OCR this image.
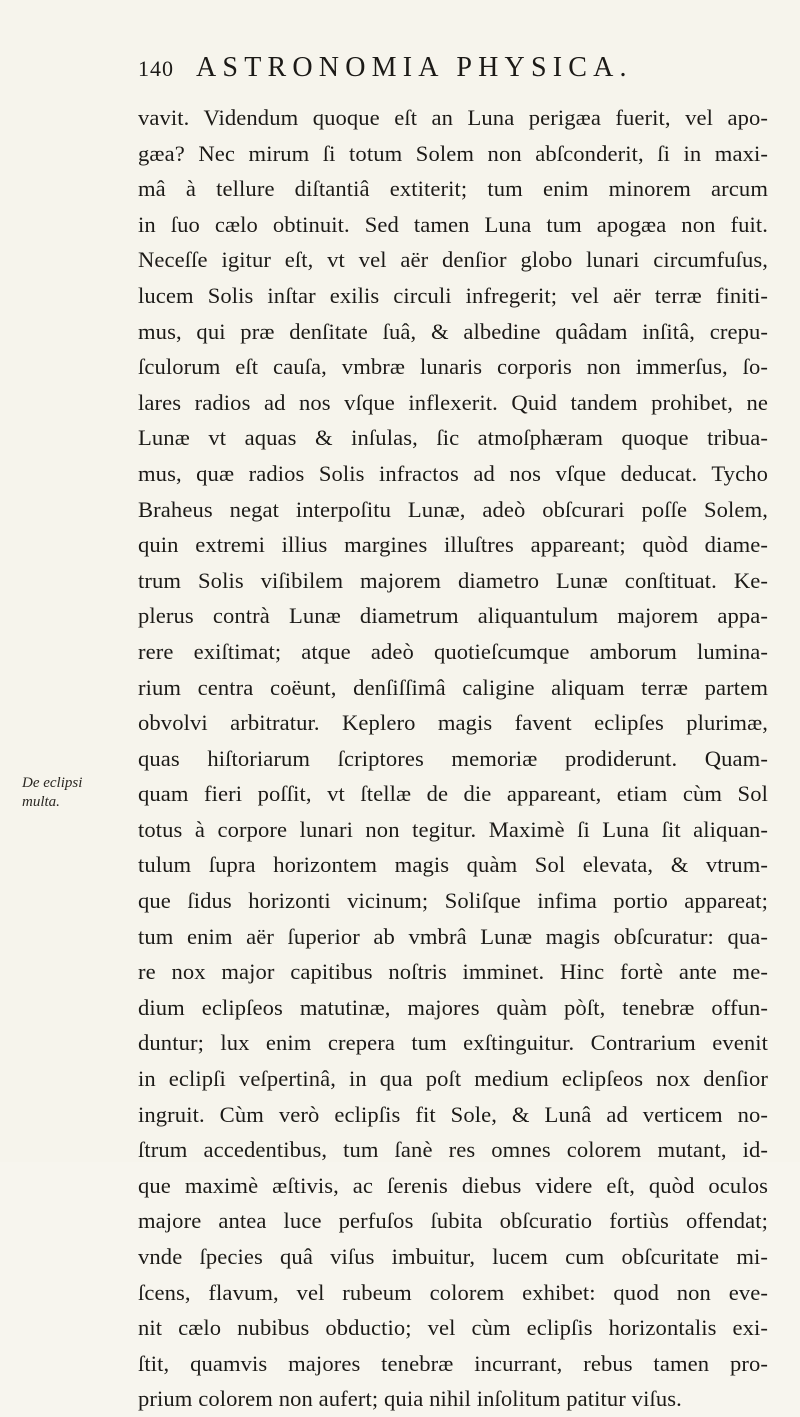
140 ASTRONOMIA PHYSICA.
De eclipsi
multa.
vavit. Videndum quoque eſt an Luna perigæa fuerit, vel apo-
gæa? Nec mirum ſi totum Solem non abſconderit, ſi in maxi-
mâ à tellure diſtantiâ extiterit; tum enim minorem arcum
in ſuo cælo obtinuit. Sed tamen Luna tum apogæa non fuit.
Neceſſe igitur eſt, vt vel aër denſior globo lunari circumfuſus,
lucem Solis inſtar exilis circuli infregerit; vel aër terræ finiti-
mus, qui præ denſitate ſuâ, & albedine quâdam inſitâ, crepu-
ſculorum eſt cauſa, vmbræ lunaris corporis non immerſus, ſo-
lares radios ad nos vſque inflexerit. Quid tandem prohibet, ne
Lunæ vt aquas & inſulas, ſic atmoſphæram quoque tribua-
mus, quæ radios Solis infractos ad nos vſque deducat. Tycho
Braheus negat interpoſitu Lunæ, adeò obſcurari poſſe Solem,
quin extremi illius margines illuſtres appareant; quòd diame-
trum Solis viſibilem majorem diametro Lunæ conſtituat. Ke-
plerus contrà Lunæ diametrum aliquantulum majorem appa-
rere exiſtimat; atque adeò quotieſcumque amborum lumina-
rium centra coëunt, denſiſſimâ caligine aliquam terræ partem
obvolvi arbitratur. Keplero magis favent eclipſes plurimæ,
quas hiſtoriarum ſcriptores memoriæ prodiderunt. Quam-
quam fieri poſſit, vt ſtellæ de die appareant, etiam cùm Sol
totus à corpore lunari non tegitur. Maximè ſi Luna ſit aliquan-
tulum ſupra horizontem magis quàm Sol elevata, & vtrum-
que ſidus horizonti vicinum; Soliſque infima portio appareat;
tum enim aër ſuperior ab vmbrâ Lunæ magis obſcuratur: qua-
re nox major capitibus noſtris imminet. Hinc fortè ante me-
dium eclipſeos matutinæ, majores quàm pòſt, tenebræ offun-
duntur; lux enim crepera tum exſtinguitur. Contrarium evenit
in eclipſi veſpertinâ, in qua poſt medium eclipſeos nox denſior
ingruit. Cùm verò eclipſis fit Sole, & Lunâ ad verticem no-
ſtrum accedentibus, tum ſanè res omnes colorem mutant, id-
que maximè æſtivis, ac ſerenis diebus videre eſt, quòd oculos
majore antea luce perfuſos ſubita obſcuratio fortiùs offendat;
vnde ſpecies quâ viſus imbuitur, lucem cum obſcuritate mi-
ſcens, flavum, vel rubeum colorem exhibet: quod non eve-
nit cælo nubibus obductio; vel cùm eclipſis horizontalis exi-
ſtit, quamvis majores tenebræ incurrant, rebus tamen pro-
prium colorem non aufert; quia nihil inſolitum patitur viſus.
